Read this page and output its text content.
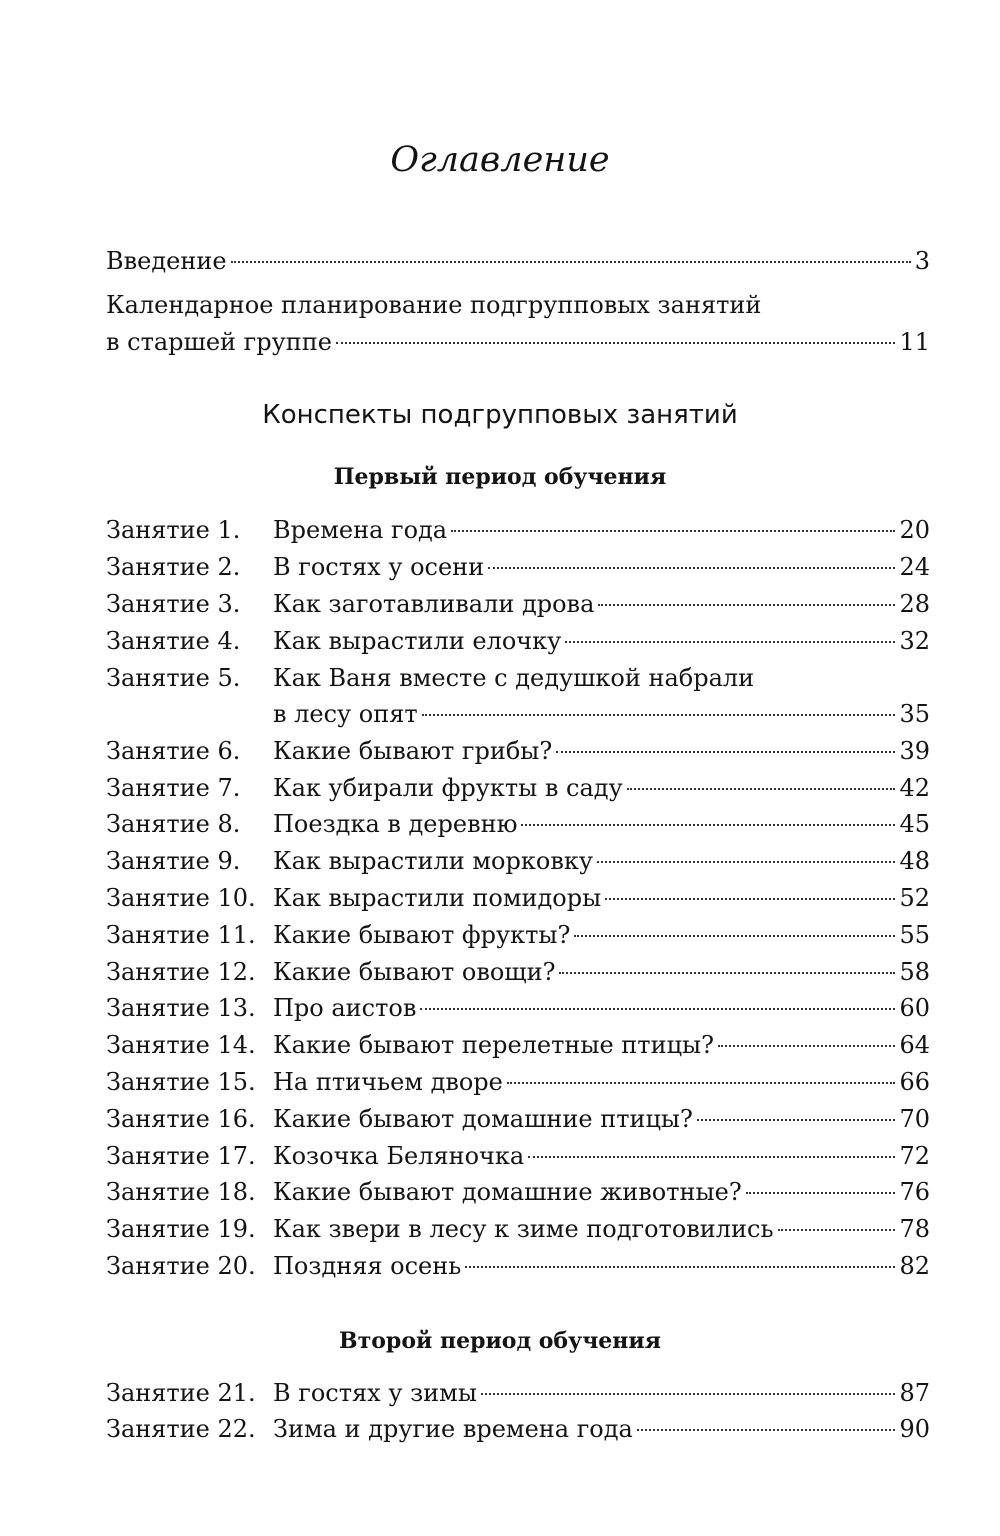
Оглавление
Введение	3
Календарное планирование подгрупповых занятий
в старшей группе	11
Конспекты подгрупповых занятий
Первый период обучения
Занятие 1.	Времена года	20
Занятие 2.	В гостях у осени	24
Занятие 3.	Как заготавливали дрова	28
Занятие 4.	Как вырастили елочку	32
Занятие 5.	Как Ваня вместе с дедушкой набрали
в лесу опят	35
Занятие 6.	Какие бывают грибы?	39
Занятие 7.	Как убирали фрукты в саду	42
Занятие 8.	Поездка в деревню	45
Занятие 9.	Как вырастили морковку	48
Занятие 10. Как вырастили помидоры	52
Занятие 11. Какие бывают фрукты?	55
Занятие 12. Какие бывают овощи?	58
Занятие 13. Про аистов	60
Занятие 14. Какие бывают перелетные птицы?	64
Занятие 15. На птичьем дворе	66
Занятие 16. Какие бывают домашние птицы?	70
Занятие 17. Козочка Беляночка	72
Занятие 18. Какие бывают домашние животные?	76
Занятие 19. Как звери в лесу к зиме подготовились	78
Занятие 20. Поздняя осень	82
Второй период обучения
Занятие 21. В гостях у зимы	87
Занятие 22. Зима и другие времена года	90
